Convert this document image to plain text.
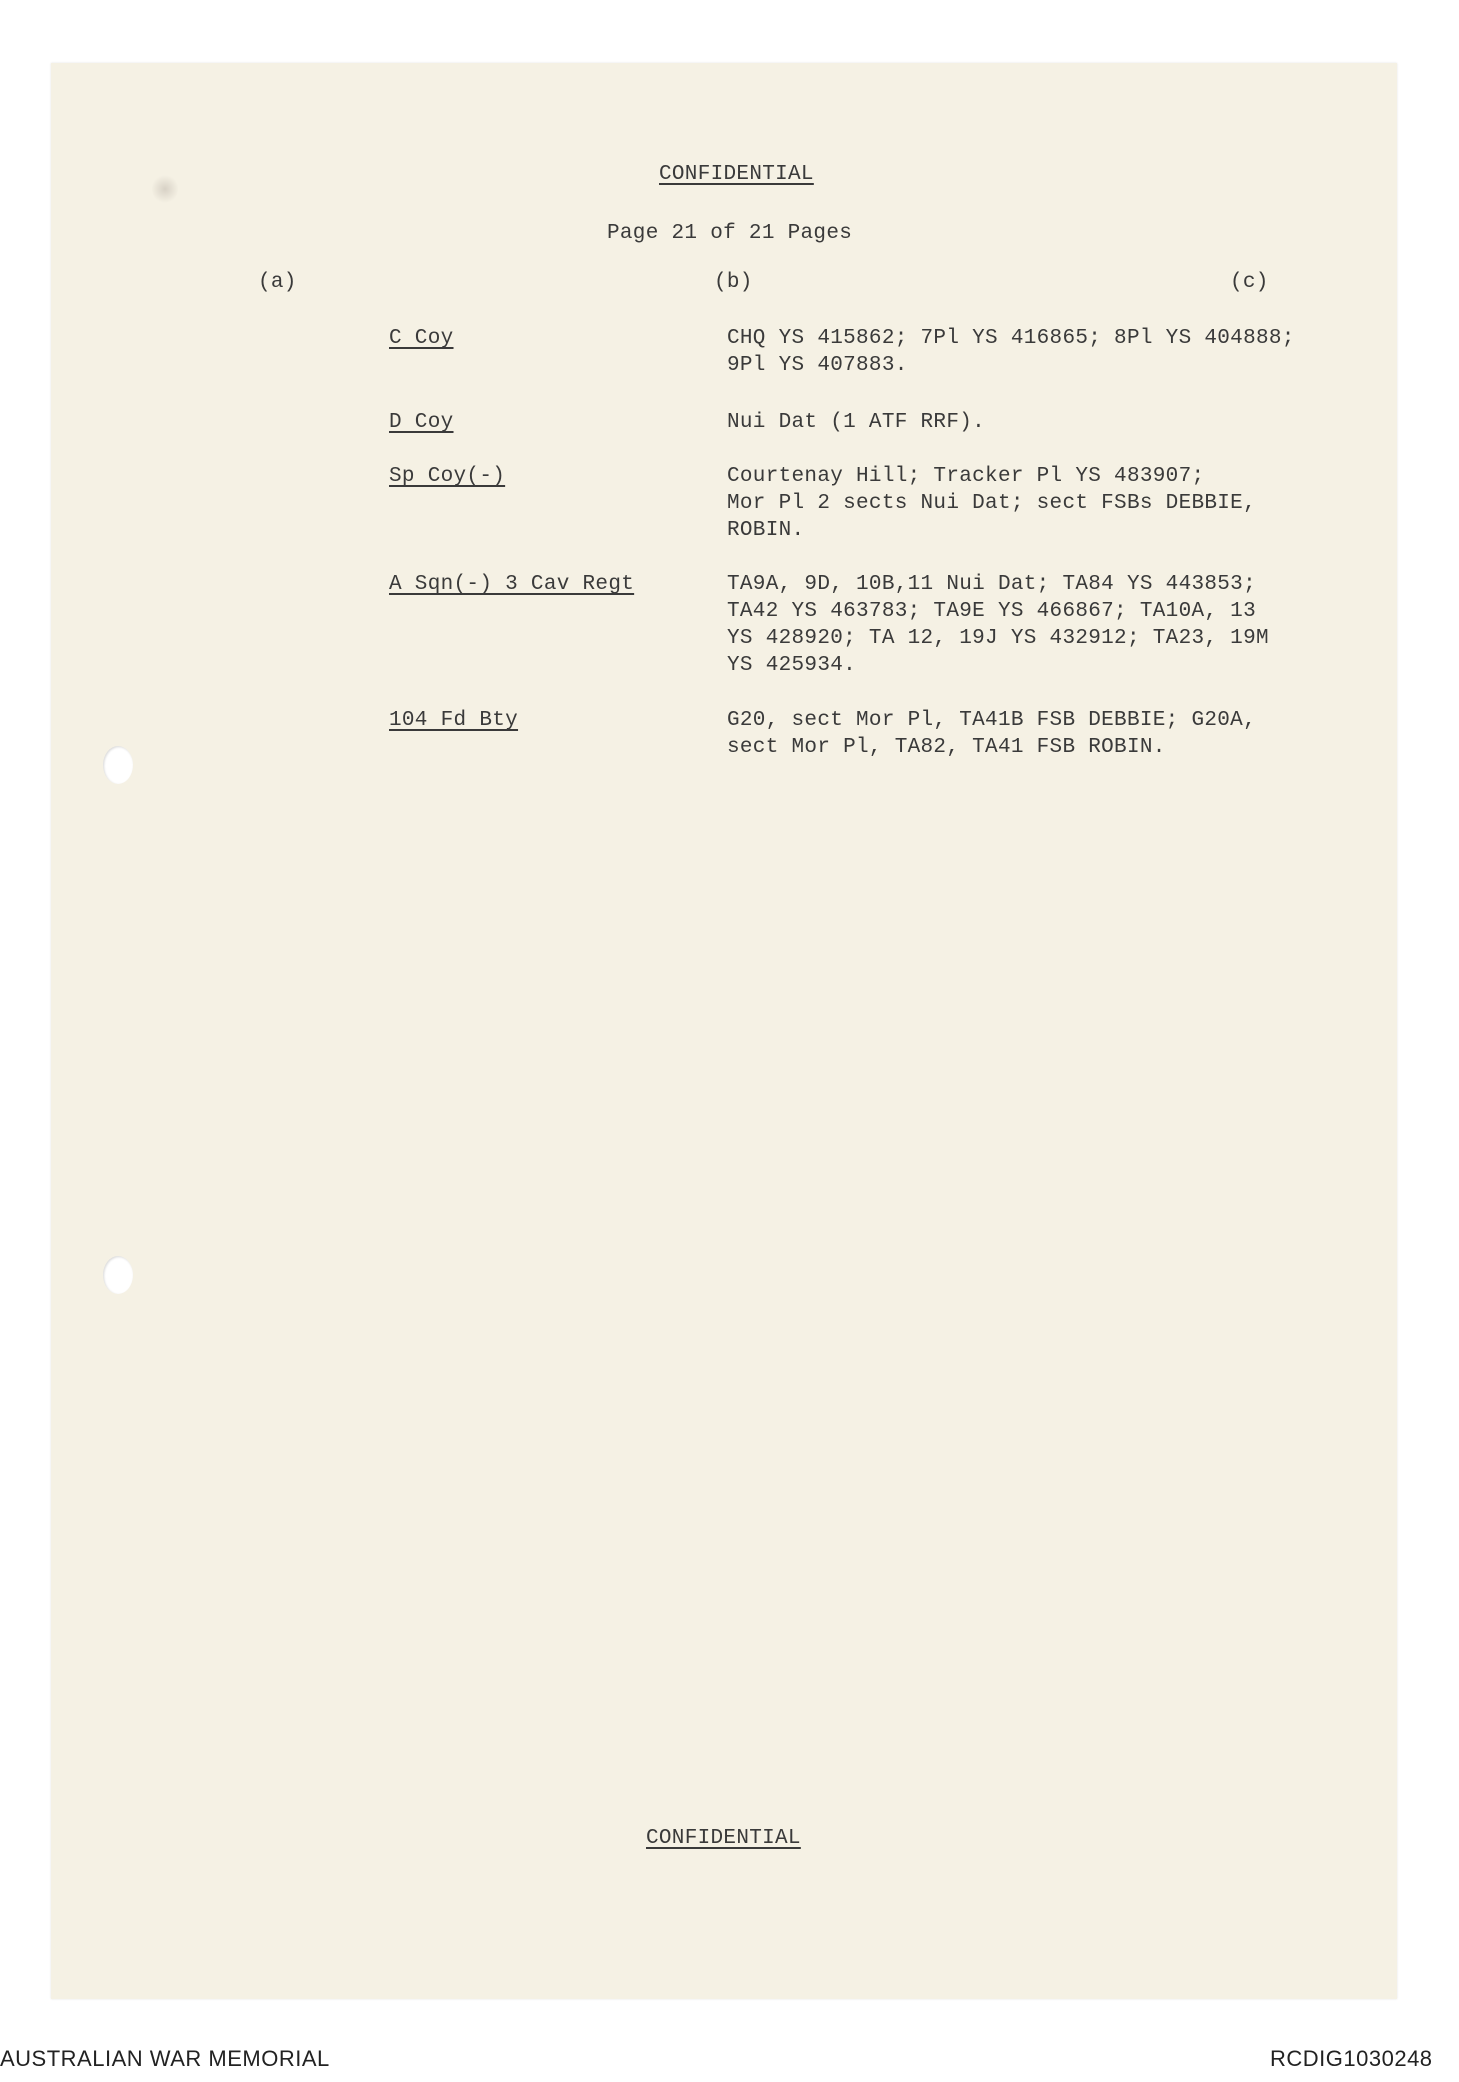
CONFIDENTIAL
Page 21 of 21 Pages
(a)	(b)	(c)
C Coy	CHQ YS 415862; 7Pl YS 416865; 8Pl YS 404888;
9Pl YS 407883.
D Coy	Nui Dat (1 ATF RRF).
Sp Coy(-)	Courtenay Hill; Tracker Pl YS 483907;
Mor Pl 2 sects Nui Dat; sect FSBs DEBBIE,
ROBIN.
A Sqn(-) 3 Cav Regt	TA9A, 9D, 10B,11 Nui Dat; TA84 YS 443853;
TA42 YS 463783; TA9E YS 466867; TA10A, 13
YS 428920; TA 12, 19J YS 432912; TA23, 19M
YS 425934.
104 Fd Bty	G20, sect Mor Pl, TA41B FSB DEBBIE; G20A,
sect Mor Pl, TA82, TA41 FSB ROBIN.
CONFIDENTIAL
AUSTRALIAN WAR MEMORIAL	RCDIG1030248
